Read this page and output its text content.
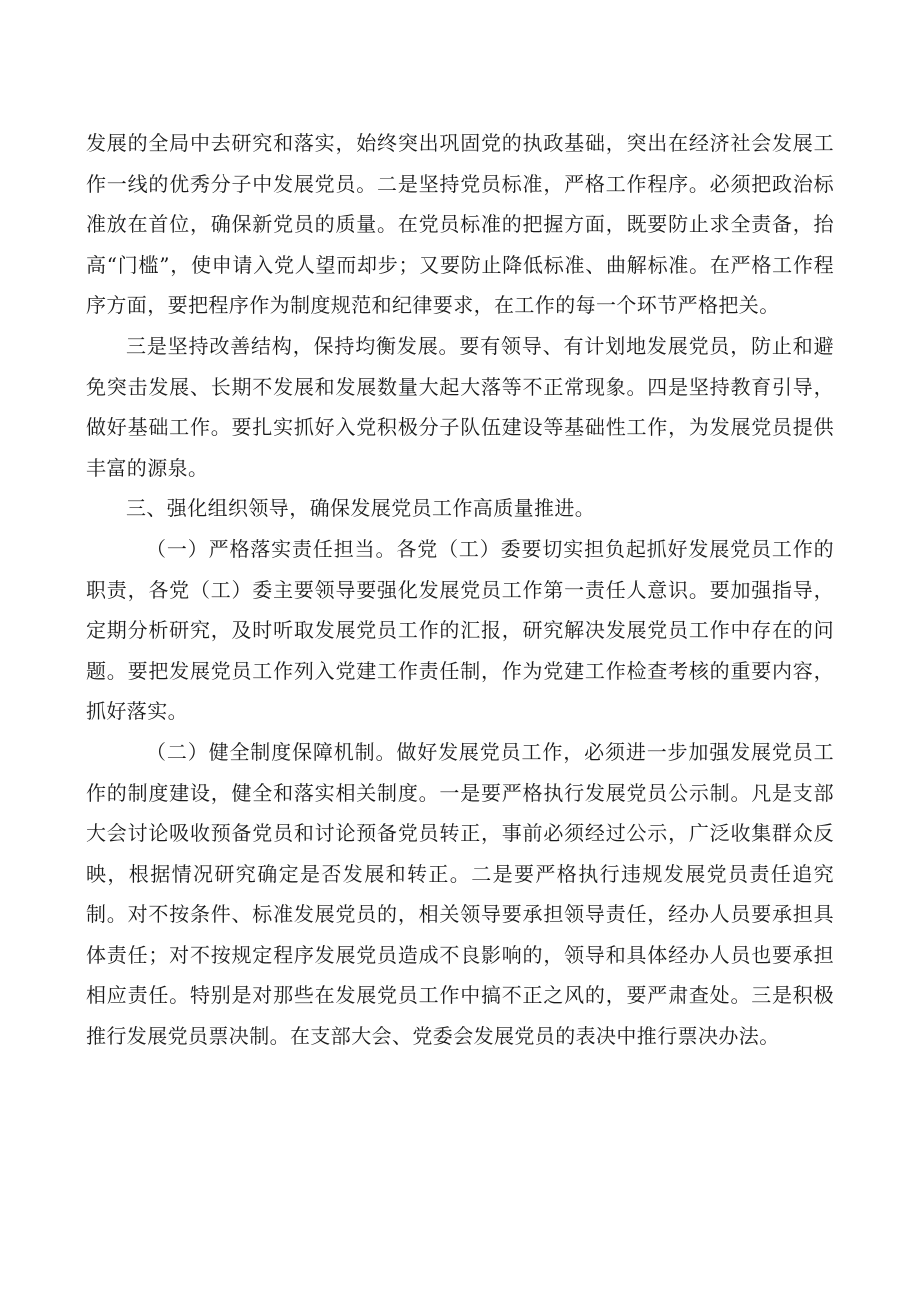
发展的全局中去研究和落实，始终突出巩固党的执政基础，突出在经济社会发展工作一线的优秀分子中发展党员。二是坚持党员标准，严格工作程序。必须把政治标准放在首位，确保新党员的质量。在党员标准的把握方面，既要防止求全责备，抬高“门槛”，使申请入党人望而却步；又要防止降低标准、曲解标准。在严格工作程序方面，要把程序作为制度规范和纪律要求，在工作的每一个环节严格把关。

三是坚持改善结构，保持均衡发展。要有领导、有计划地发展党员，防止和避免突击发展、长期不发展和发展数量大起大落等不正常现象。四是坚持教育引导，做好基础工作。要扎实抓好入党积极分子队伍建设等基础性工作，为发展党员提供丰富的源泉。

三、强化组织领导，确保发展党员工作高质量推进。

（一）严格落实责任担当。各党（工）委要切实担负起抓好发展党员工作的职责，各党（工）委主要领导要强化发展党员工作第一责任人意识。要加强指导，定期分析研究，及时听取发展党员工作的汇报，研究解决发展党员工作中存在的问题。要把发展党员工作列入党建工作责任制，作为党建工作检查考核的重要内容，抓好落实。

（二）健全制度保障机制。做好发展党员工作，必须进一步加强发展党员工作的制度建设，健全和落实相关制度。一是要严格执行发展党员公示制。凡是支部大会讨论吸收预备党员和讨论预备党员转正，事前必须经过公示，广泛收集群众反映，根据情况研究确定是否发展和转正。二是要严格执行违规发展党员责任追究制。对不按条件、标准发展党员的，相关领导要承担领导责任，经办人员要承担具体责任；对不按规定程序发展党员造成不良影响的，领导和具体经办人员也要承担相应责任。特别是对那些在发展党员工作中搞不正之风的，要严肃查处。三是积极推行发展党员票决制。在支部大会、党委会发展党员的表决中推行票决办法。
